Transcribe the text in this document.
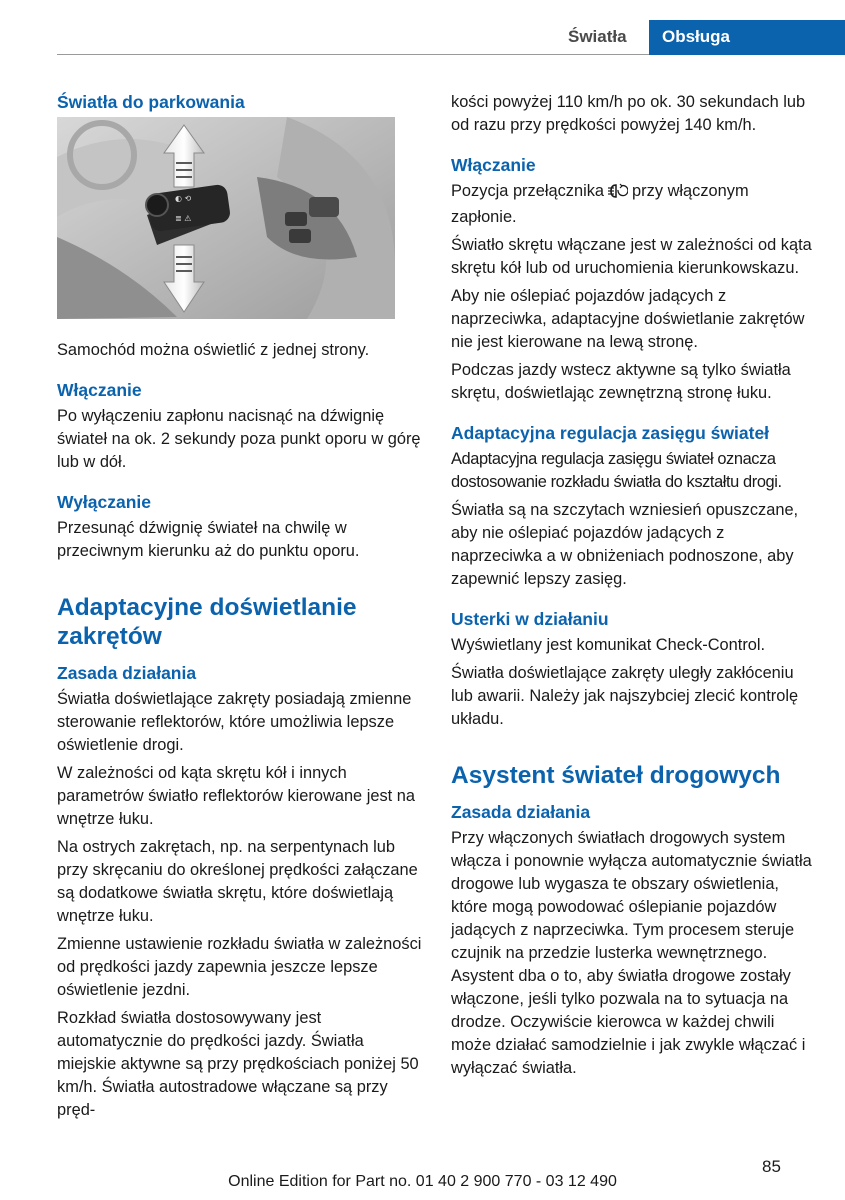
Światła	Obsługa
Światła do parkowania
◐ ⟲
≣ ⚠

Samochód można oświetlić z jednej strony.

Włączanie

Po wyłączeniu zapłonu nacisnąć na dźwignię świateł na ok. 2 sekundy poza punkt oporu w górę lub w dół.

Wyłączanie

Przesunąć dźwignię świateł na chwilę w przeciwnym kierunku aż do punktu oporu.

Adaptacyjne doświetlanie zakrętów
Zasada działania

Światła doświetlające zakręty posiadają zmienne sterowanie reflektorów, które umożliwia lepsze oświetlenie drogi.

W zależności od kąta skrętu kół i innych parametrów światło reflektorów kierowane jest na wnętrze łuku.

Na ostrych zakrętach, np. na serpentynach lub przy skręcaniu do określonej prędkości załączane są dodatkowe światła skrętu, które doświetlają wnętrze łuku.

Zmienne ustawienie rozkładu światła w zależności od prędkości jazdy zapewnia jeszcze lepsze oświetlenie jezdni.

Rozkład światła dostosowywany jest automatycznie do prędkości jazdy. Światła miejskie aktywne są przy prędkościach poniżej 50 km/h. Światła autostradowe włączane są przy pręd-

kości powyżej 110 km/h po ok. 30 sekundach lub od razu przy prędkości powyżej 140 km/h.

Włączanie

Pozycja przełącznika przy włączonym zapłonie.

Światło skrętu włączane jest w zależności od kąta skrętu kół lub od uruchomienia kierunkowskazu.

Aby nie oślepiać pojazdów jadących z naprzeciwka, adaptacyjne doświetlanie zakrętów nie jest kierowane na lewą stronę.

Podczas jazdy wstecz aktywne są tylko światła skrętu, doświetlając zewnętrzną stronę łuku.

Adaptacyjna regulacja zasięgu świateł

Adaptacyjna regulacja zasięgu świateł oznacza dostosowanie rozkładu światła do kształtu drogi.

Światła są na szczytach wzniesień opuszczane, aby nie oślepiać pojazdów jadących z naprzeciwka a w obniżeniach podnoszone, aby zapewnić lepszy zasięg.

Usterki w działaniu

Wyświetlany jest komunikat Check-Control.

Światła doświetlające zakręty uległy zakłóceniu lub awarii. Należy jak najszybciej zlecić kontrolę układu.

Asystent świateł drogowych
Zasada działania

Przy włączonych światłach drogowych system włącza i ponownie wyłącza automatycznie światła drogowe lub wygasza te obszary oświetlenia, które mogą powodować oślepianie pojazdów jadących z naprzeciwka. Tym procesem steruje czujnik na przedzie lusterka wewnętrznego. Asystent dba o to, aby światła drogowe zostały włączone, jeśli tylko pozwala na to sytuacja na drodze. Oczywiście kierowca w każdej chwili może działać samodzielnie i jak zwykle włączać i wyłączać światła.

85
Online Edition for Part no. 01 40 2 900 770 - 03 12 490
